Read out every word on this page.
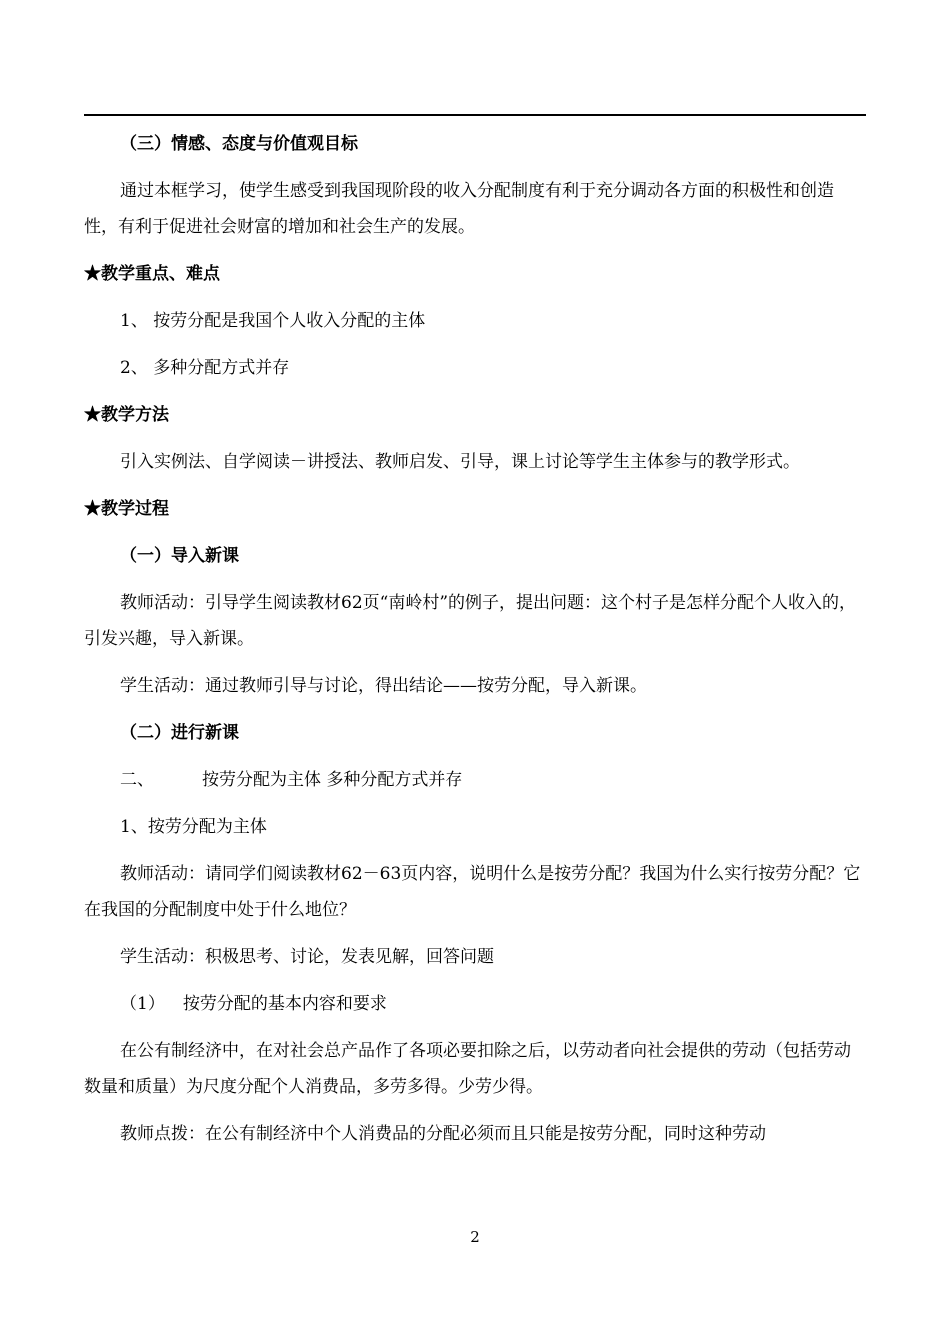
（三）情感、态度与价值观目标

通过本框学习，使学生感受到我国现阶段的收入分配制度有利于充分调动各方面的积极性和创造性，有利于促进社会财富的增加和社会生产的发展。

★教学重点、难点

1、 按劳分配是我国个人收入分配的主体

2、 多种分配方式并存

★教学方法

引入实例法、自学阅读－讲授法、教师启发、引导，课上讨论等学生主体参与的教学形式。

★教学过程

（一）导入新课

教师活动：引导学生阅读教材62页“南岭村”的例子，提出问题：这个村子是怎样分配个人收入的，引发兴趣，导入新课。

学生活动：通过教师引导与讨论，得出结论——按劳分配，导入新课。

（二）进行新课

二、	按劳分配为主体 多种分配方式并存

1、按劳分配为主体

教师活动：请同学们阅读教材62－63页内容，说明什么是按劳分配？我国为什么实行按劳分配？它在我国的分配制度中处于什么地位？

学生活动：积极思考、讨论，发表见解，回答问题

（1） 按劳分配的基本内容和要求

在公有制经济中，在对社会总产品作了各项必要扣除之后，以劳动者向社会提供的劳动（包括劳动数量和质量）为尺度分配个人消费品，多劳多得。少劳少得。

教师点拨：在公有制经济中个人消费品的分配必须而且只能是按劳分配，同时这种劳动

2
